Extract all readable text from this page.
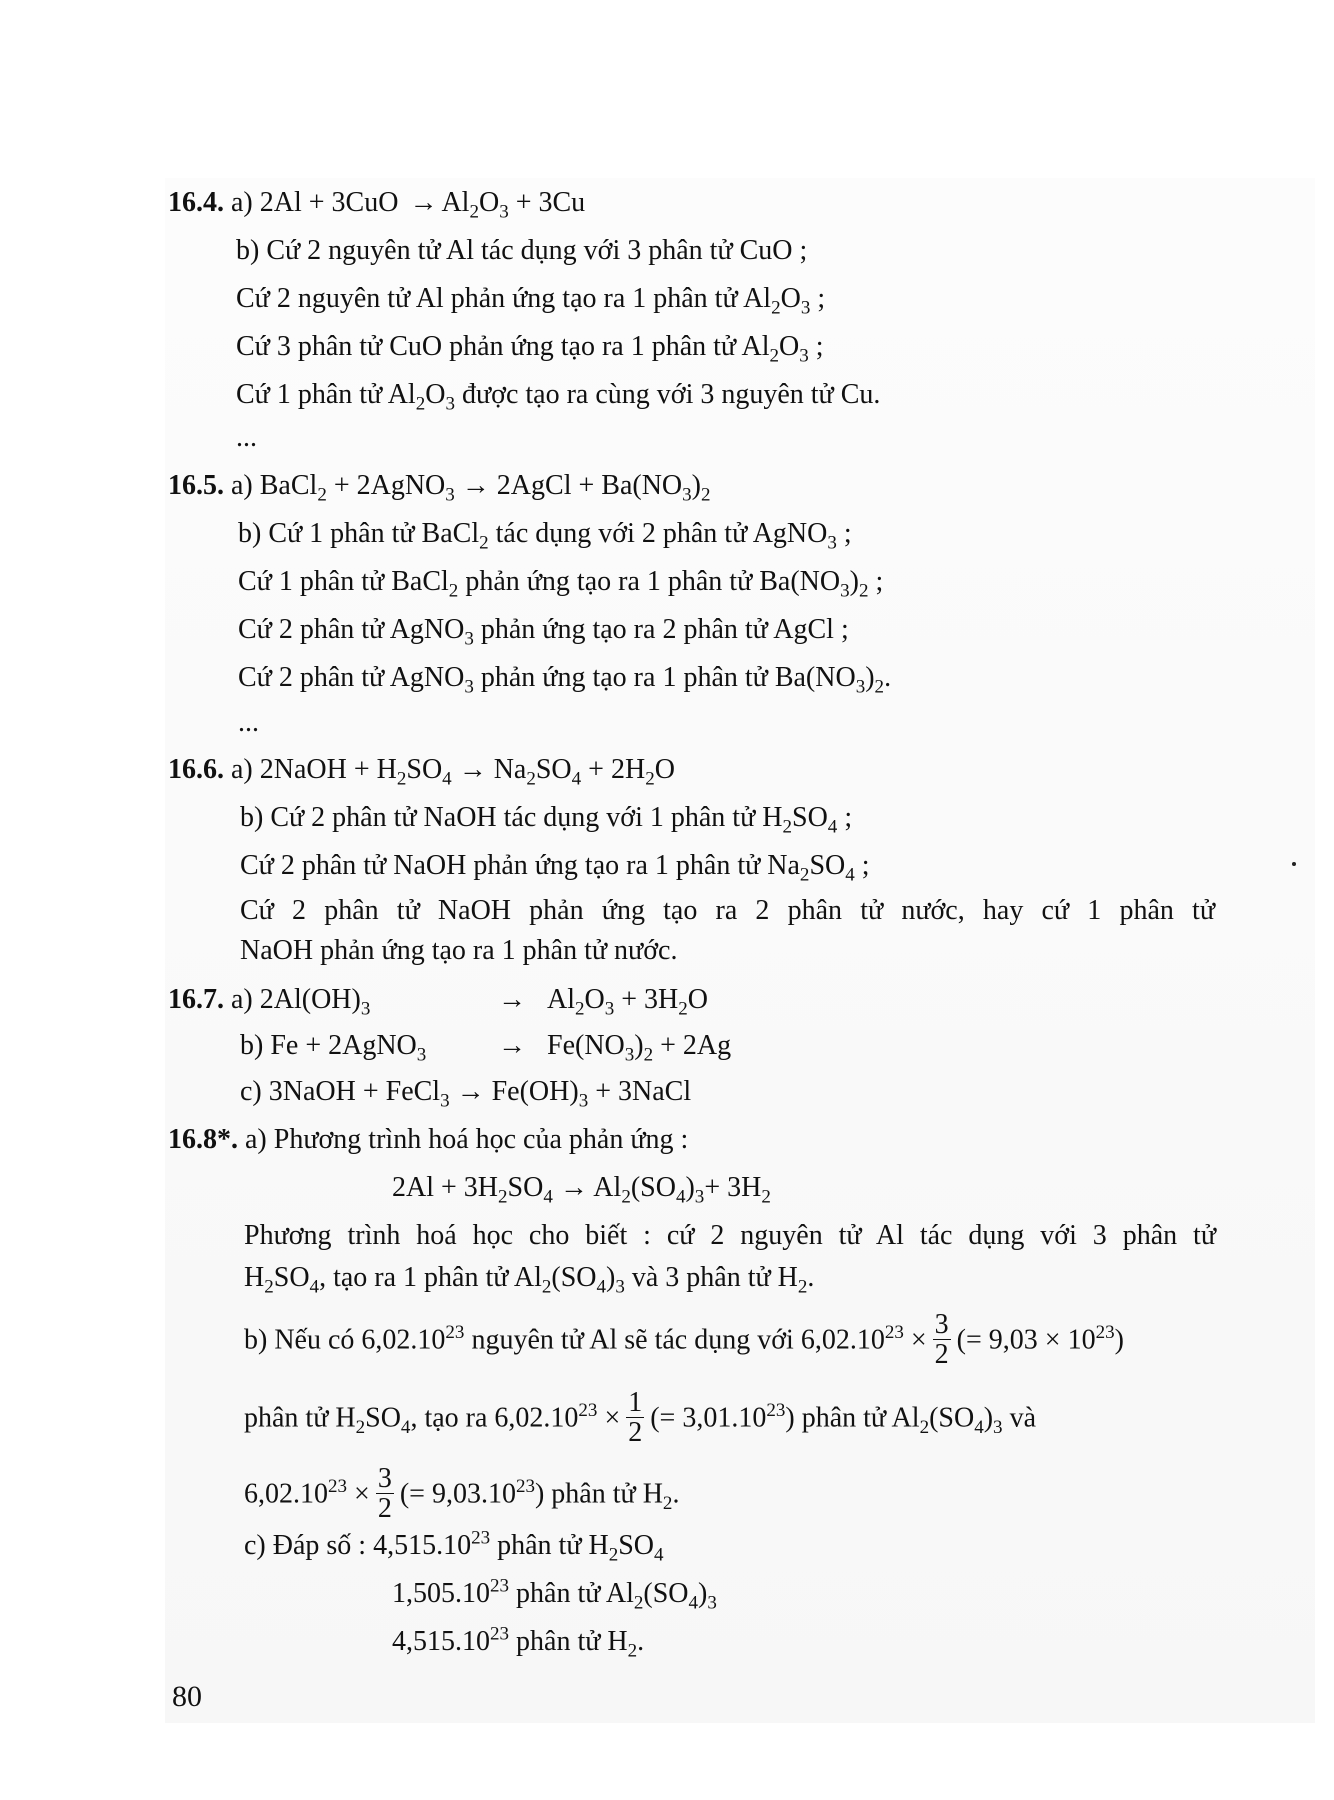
16.4. a) $2Al + 3CuO \to Al_2O_3 + 3Cu$
b) Cứ 2 nguyên tử Al tác dụng với 3 phân tử CuO ;
Cứ 2 nguyên tử Al phản ứng tạo ra 1 phân tử $Al_2O_3$ ;
Cứ 3 phân tử CuO phản ứng tạo ra 1 phân tử $Al_2O_3$ ;
Cứ 1 phân tử $Al_2O_3$ được tạo ra cùng với 3 nguyên tử Cu.
...
16.5. a) BaCl$_2$ + 2AgNO$_3$ → 2AgCl + $Ba(NO_3)_2$
b) Cứ 1 phân tử BaCl$_2$ tác dụng với 2 phân tử AgNO$_3$ ;
Cứ 1 phân tử BaCl$_2$ phản ứng tạo ra 1 phân tử $Ba(NO_3)_2$ ;
Cứ 2 phân tử AgNO$_3$ phản ứng tạo ra 2 phân tử AgCl ;
Cứ 2 phân tử AgNO$_3$ phản ứng tạo ra 1 phân tử $Ba(NO_3)_2$.
...
16.6. a) 2NaOH + $H_2SO_4 \to Na_2SO_4 + 2H_2O$
b) Cứ 2 phân tử NaOH tác dụng với 1 phân tử $H_2SO_4$ ;
Cứ 2 phân tử NaOH phản ứng tạo ra 1 phân tử $Na_2SO_4$ ;
Cứ 2 phân tử NaOH phản ứng tạo ra 2 phân tử nước, hay cứ 1 phân tử
NaOH phản ứng tạo ra 1 phân tử nước.
16.7. a) $2Al(OH)_3$	→ $Al_2O_3 + 3H_2O$
b) Fe + 2AgNO$_3$	→ $Fe(NO_3)_2 + 2Ag$
c) 3NaOH + FeCl$_3$ → $Fe(OH)_3$ + 3NaCl
16.8*. a) Phương trình hoá học của phản ứng :
$2Al + 3H_2SO_4 \to Al_2(SO_4)_3+ 3H_2$
Phương trình hoá học cho biết : cứ 2 nguyên tử Al tác dụng với 3 phân tử
$H_2SO_4$, tạo ra 1 phân tử $Al_2(SO_4)_3$ và 3 phân tử $H_2$.
b) Nếu có 6,02.10$^{23}$ nguyên tử Al sẽ tác dụng với $6,02.10^{23} \times \frac{3}{2}$ (= $9,03 \times 10^{23}$)
phân tử $H_2SO_4$, tạo ra $6,02.10^{23} \times \frac{1}{2}$ (= $3,01.10^{23}$) phân tử $Al_2(SO_4)_3$ và
$6,02.10^{23} \times \frac{3}{2}$ (= $9,03.10^{23}$) phân tử $H_2$.
c) Đáp số : 4,515.10$^{23}$ phân tử $H_2SO_4$
1,505.10$^{23}$ phân tử $Al_2(SO_4)_3$
4,515.10$^{23}$ phân tử $H_2$.
80
